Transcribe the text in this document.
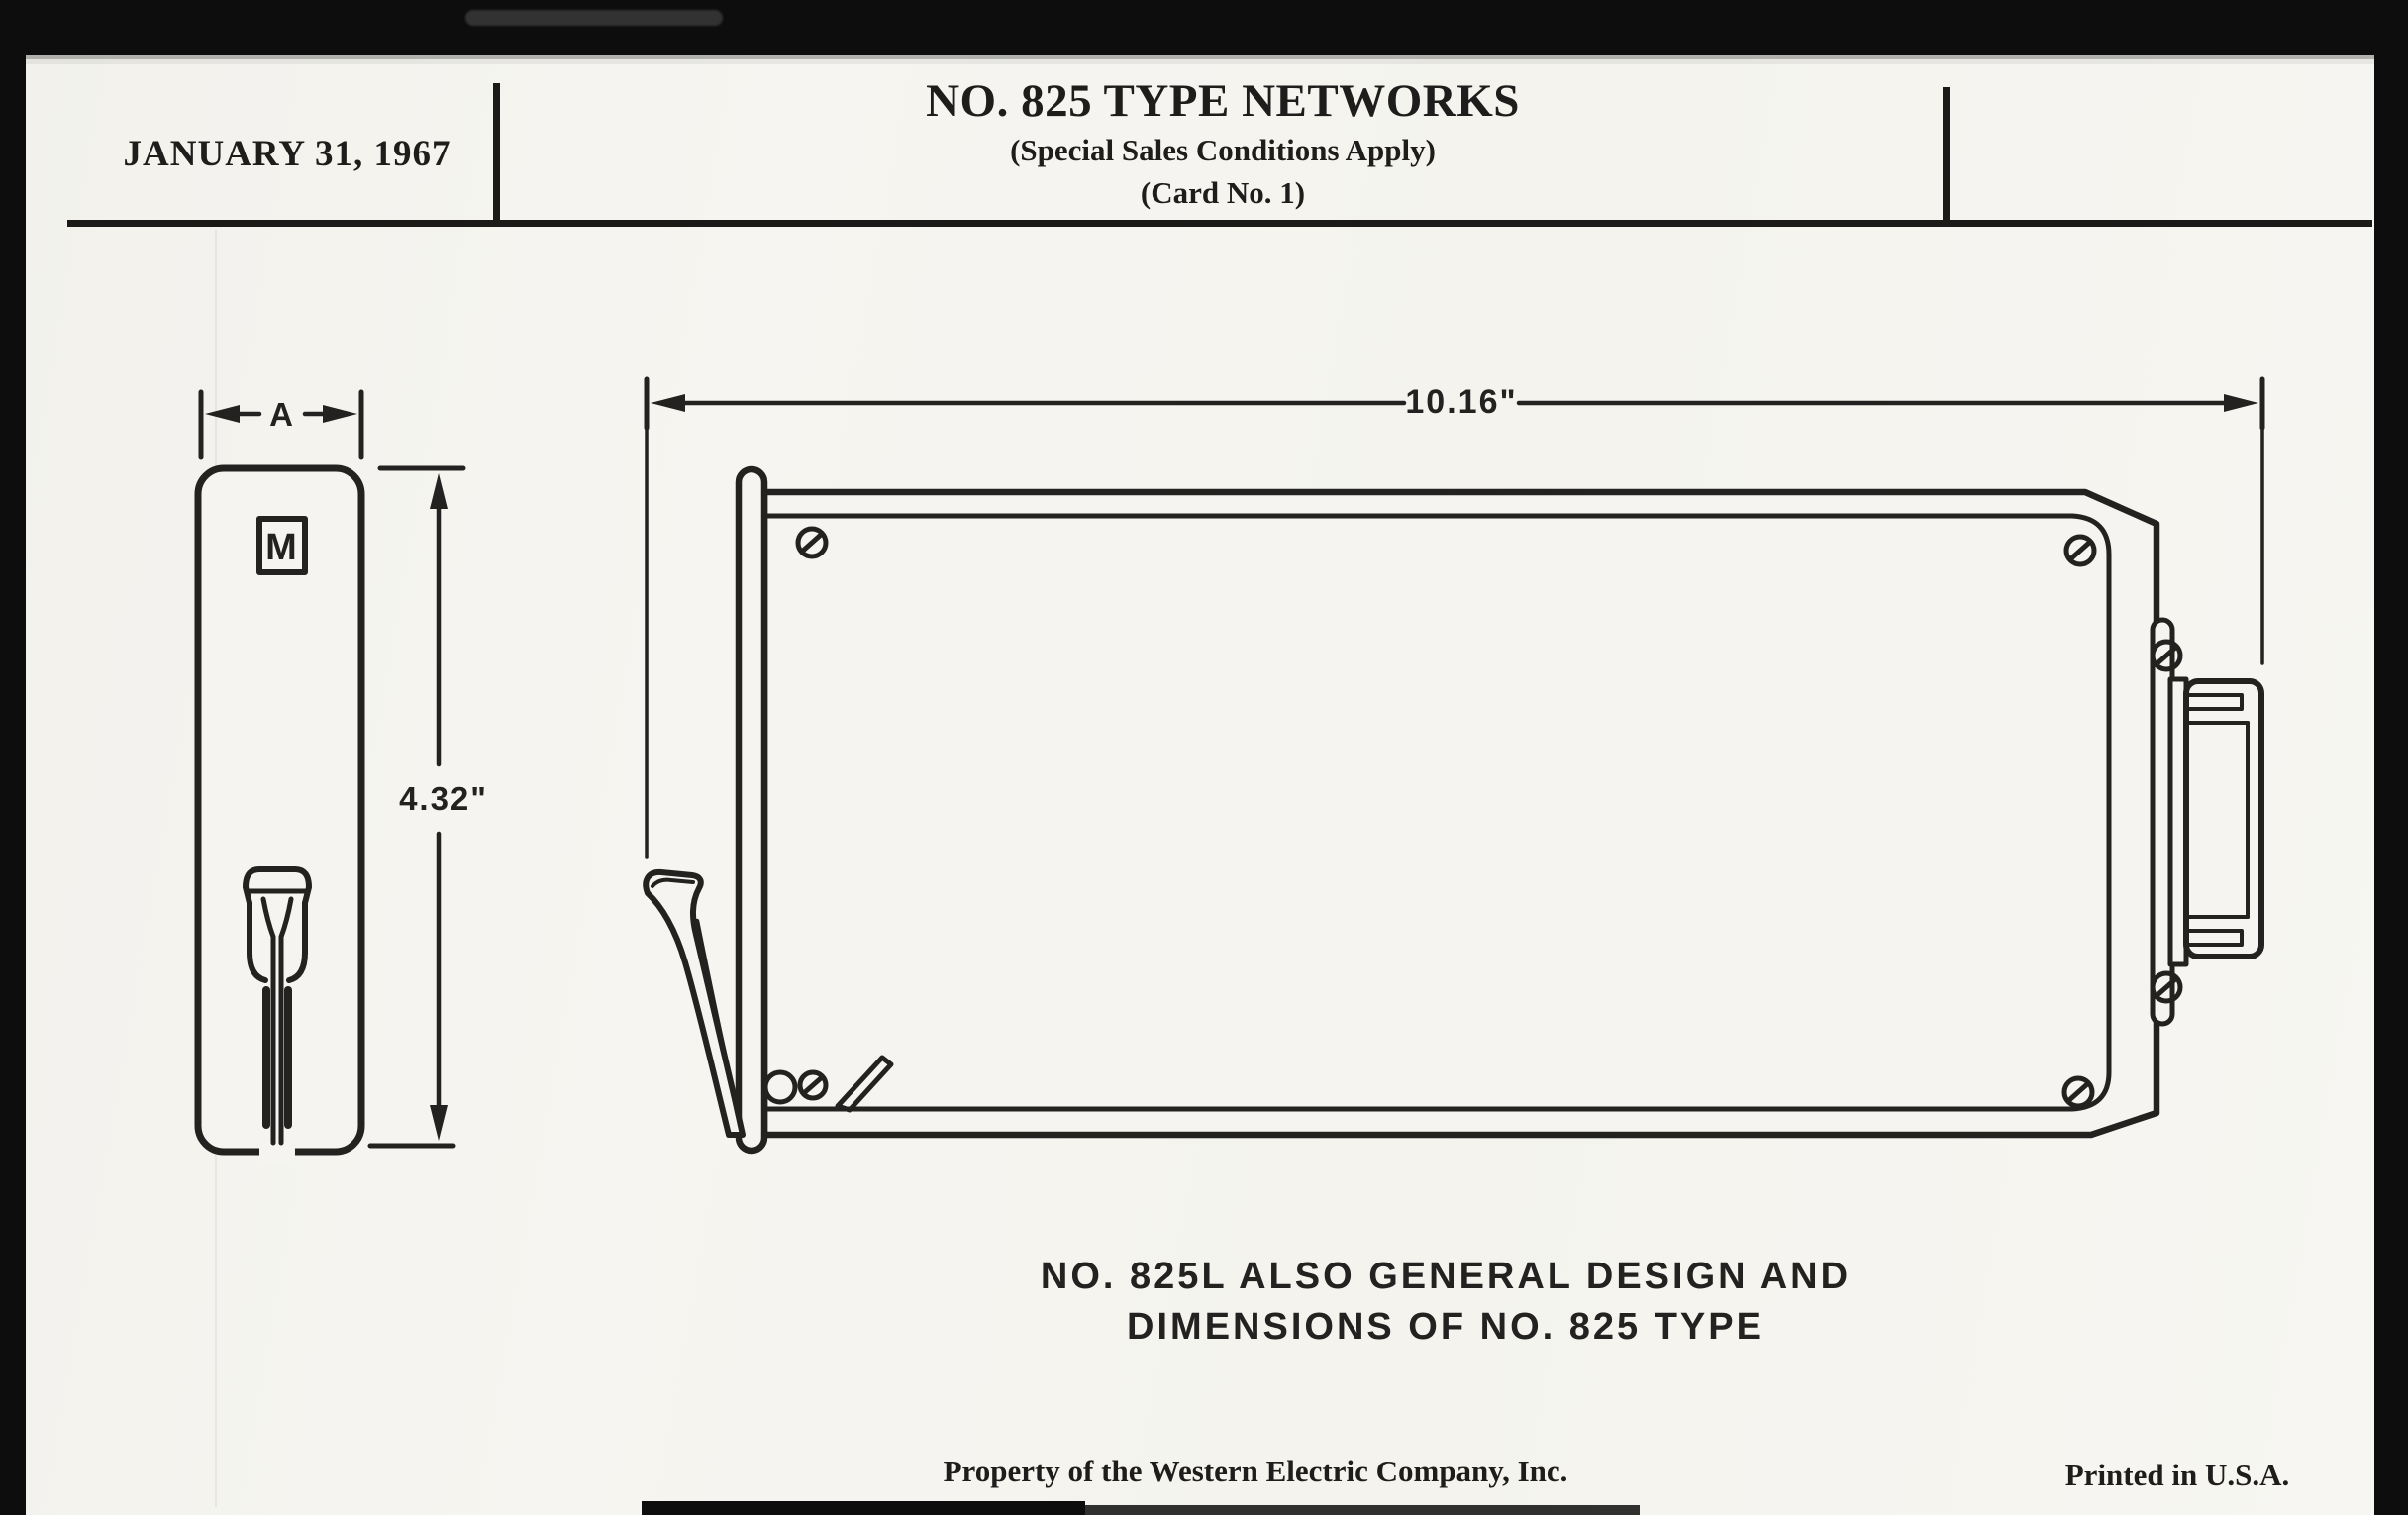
JANUARY 31, 1967
NO. 825 TYPE NETWORKS
(Special Sales Conditions Apply)
(Card No. 1)
M
A
4.32"
10.16"
NO. 825L ALSO GENERAL DESIGN AND
DIMENSIONS OF NO. 825 TYPE
Property of the Western Electric Company, Inc.	Printed in U.S.A.
